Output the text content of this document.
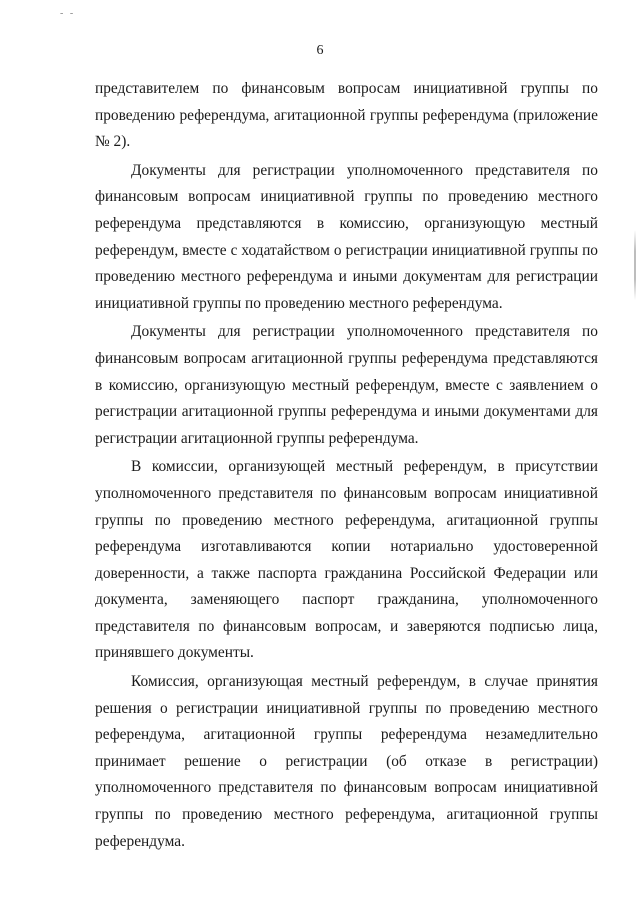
- -
6

представителем по финансовым вопросам инициативной группы по проведению референдума, агитационной группы референдума (приложение № 2).

Документы для регистрации уполномоченного представителя по финансовым вопросам инициативной группы по проведению местного референдума представляются в комиссию, организующую местный референдум, вместе с ходатайством о регистрации инициативной группы по проведению местного референдума и иными документам для регистрации инициативной группы по проведению местного референдума.

Документы для регистрации уполномоченного представителя по финансовым вопросам агитационной группы референдума представляются в комиссию, организующую местный референдум, вместе с заявлением о регистрации агитационной группы референдума и иными документами для регистрации агитационной группы референдума.

В комиссии, организующей местный референдум, в присутствии уполномоченного представителя по финансовым вопросам инициативной группы по проведению местного референдума, агитационной группы референдума изготавливаются копии нотариально удостоверенной доверенности, а также паспорта гражданина Российской Федерации или документа, заменяющего паспорт гражданина, уполномоченного представителя по финансовым вопросам, и заверяются подписью лица, принявшего документы.

Комиссия, организующая местный референдум, в случае принятия решения о регистрации инициативной группы по проведению местного референдума, агитационной группы референдума незамедлительно принимает решение о регистрации (об отказе в регистрации) уполномоченного представителя по финансовым вопросам инициативной группы по проведению местного референдума, агитационной группы референдума.
